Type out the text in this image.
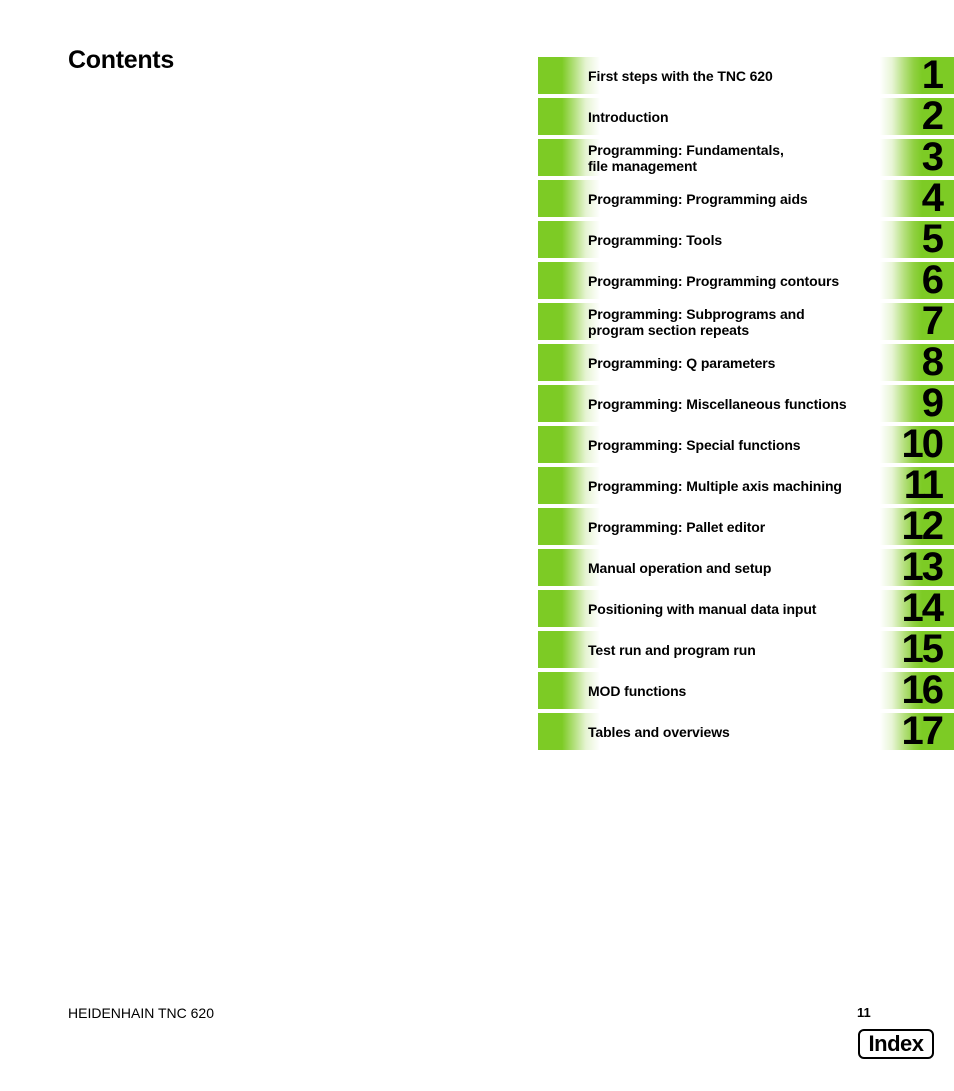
Contents
First steps with the TNC 620	1
Introduction	2
Programming: Fundamentals,
file management	3
Programming: Programming aids	4
Programming: Tools	5
Programming: Programming contours	6
Programming: Subprograms and
program section repeats	7
Programming: Q parameters	8
Programming: Miscellaneous functions	9
Programming: Special functions	10
Programming: Multiple axis machining	11
Programming: Pallet editor	12
Manual operation and setup	13
Positioning with manual data input	14
Test run and program run	15
MOD functions	16
Tables and overviews	17
HEIDENHAIN TNC 620	11
Index
